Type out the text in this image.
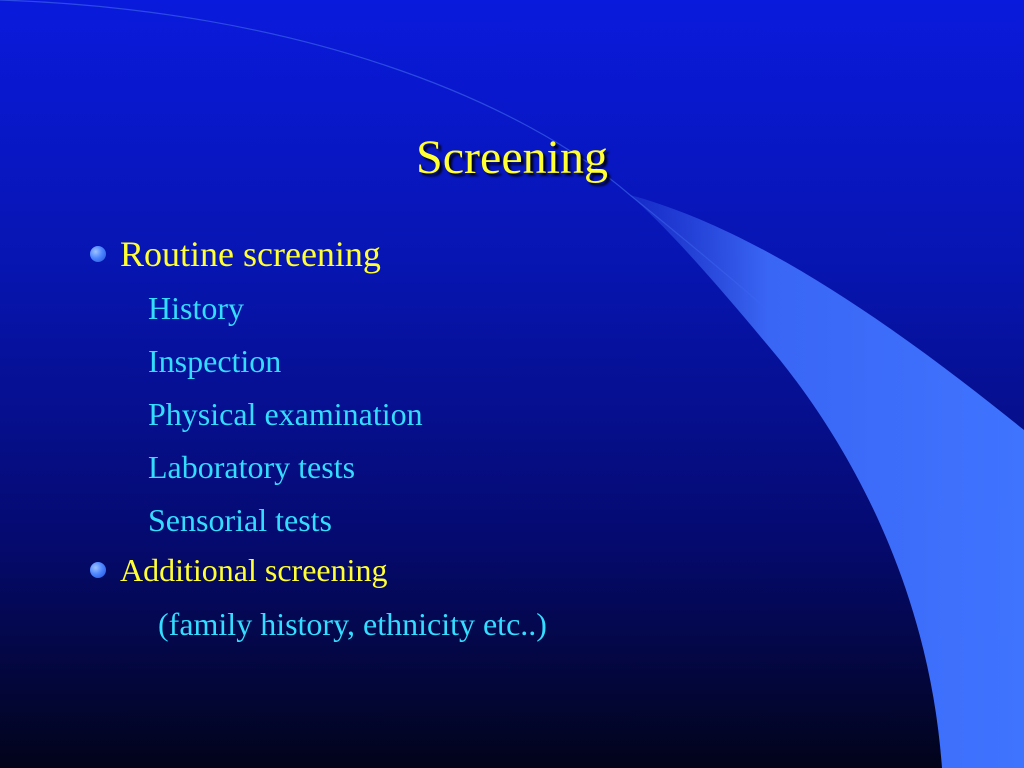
Screening
Routine screening
History
Inspection
Physical examination
Laboratory tests
Sensorial tests
Additional screening
(family history, ethnicity etc..)
